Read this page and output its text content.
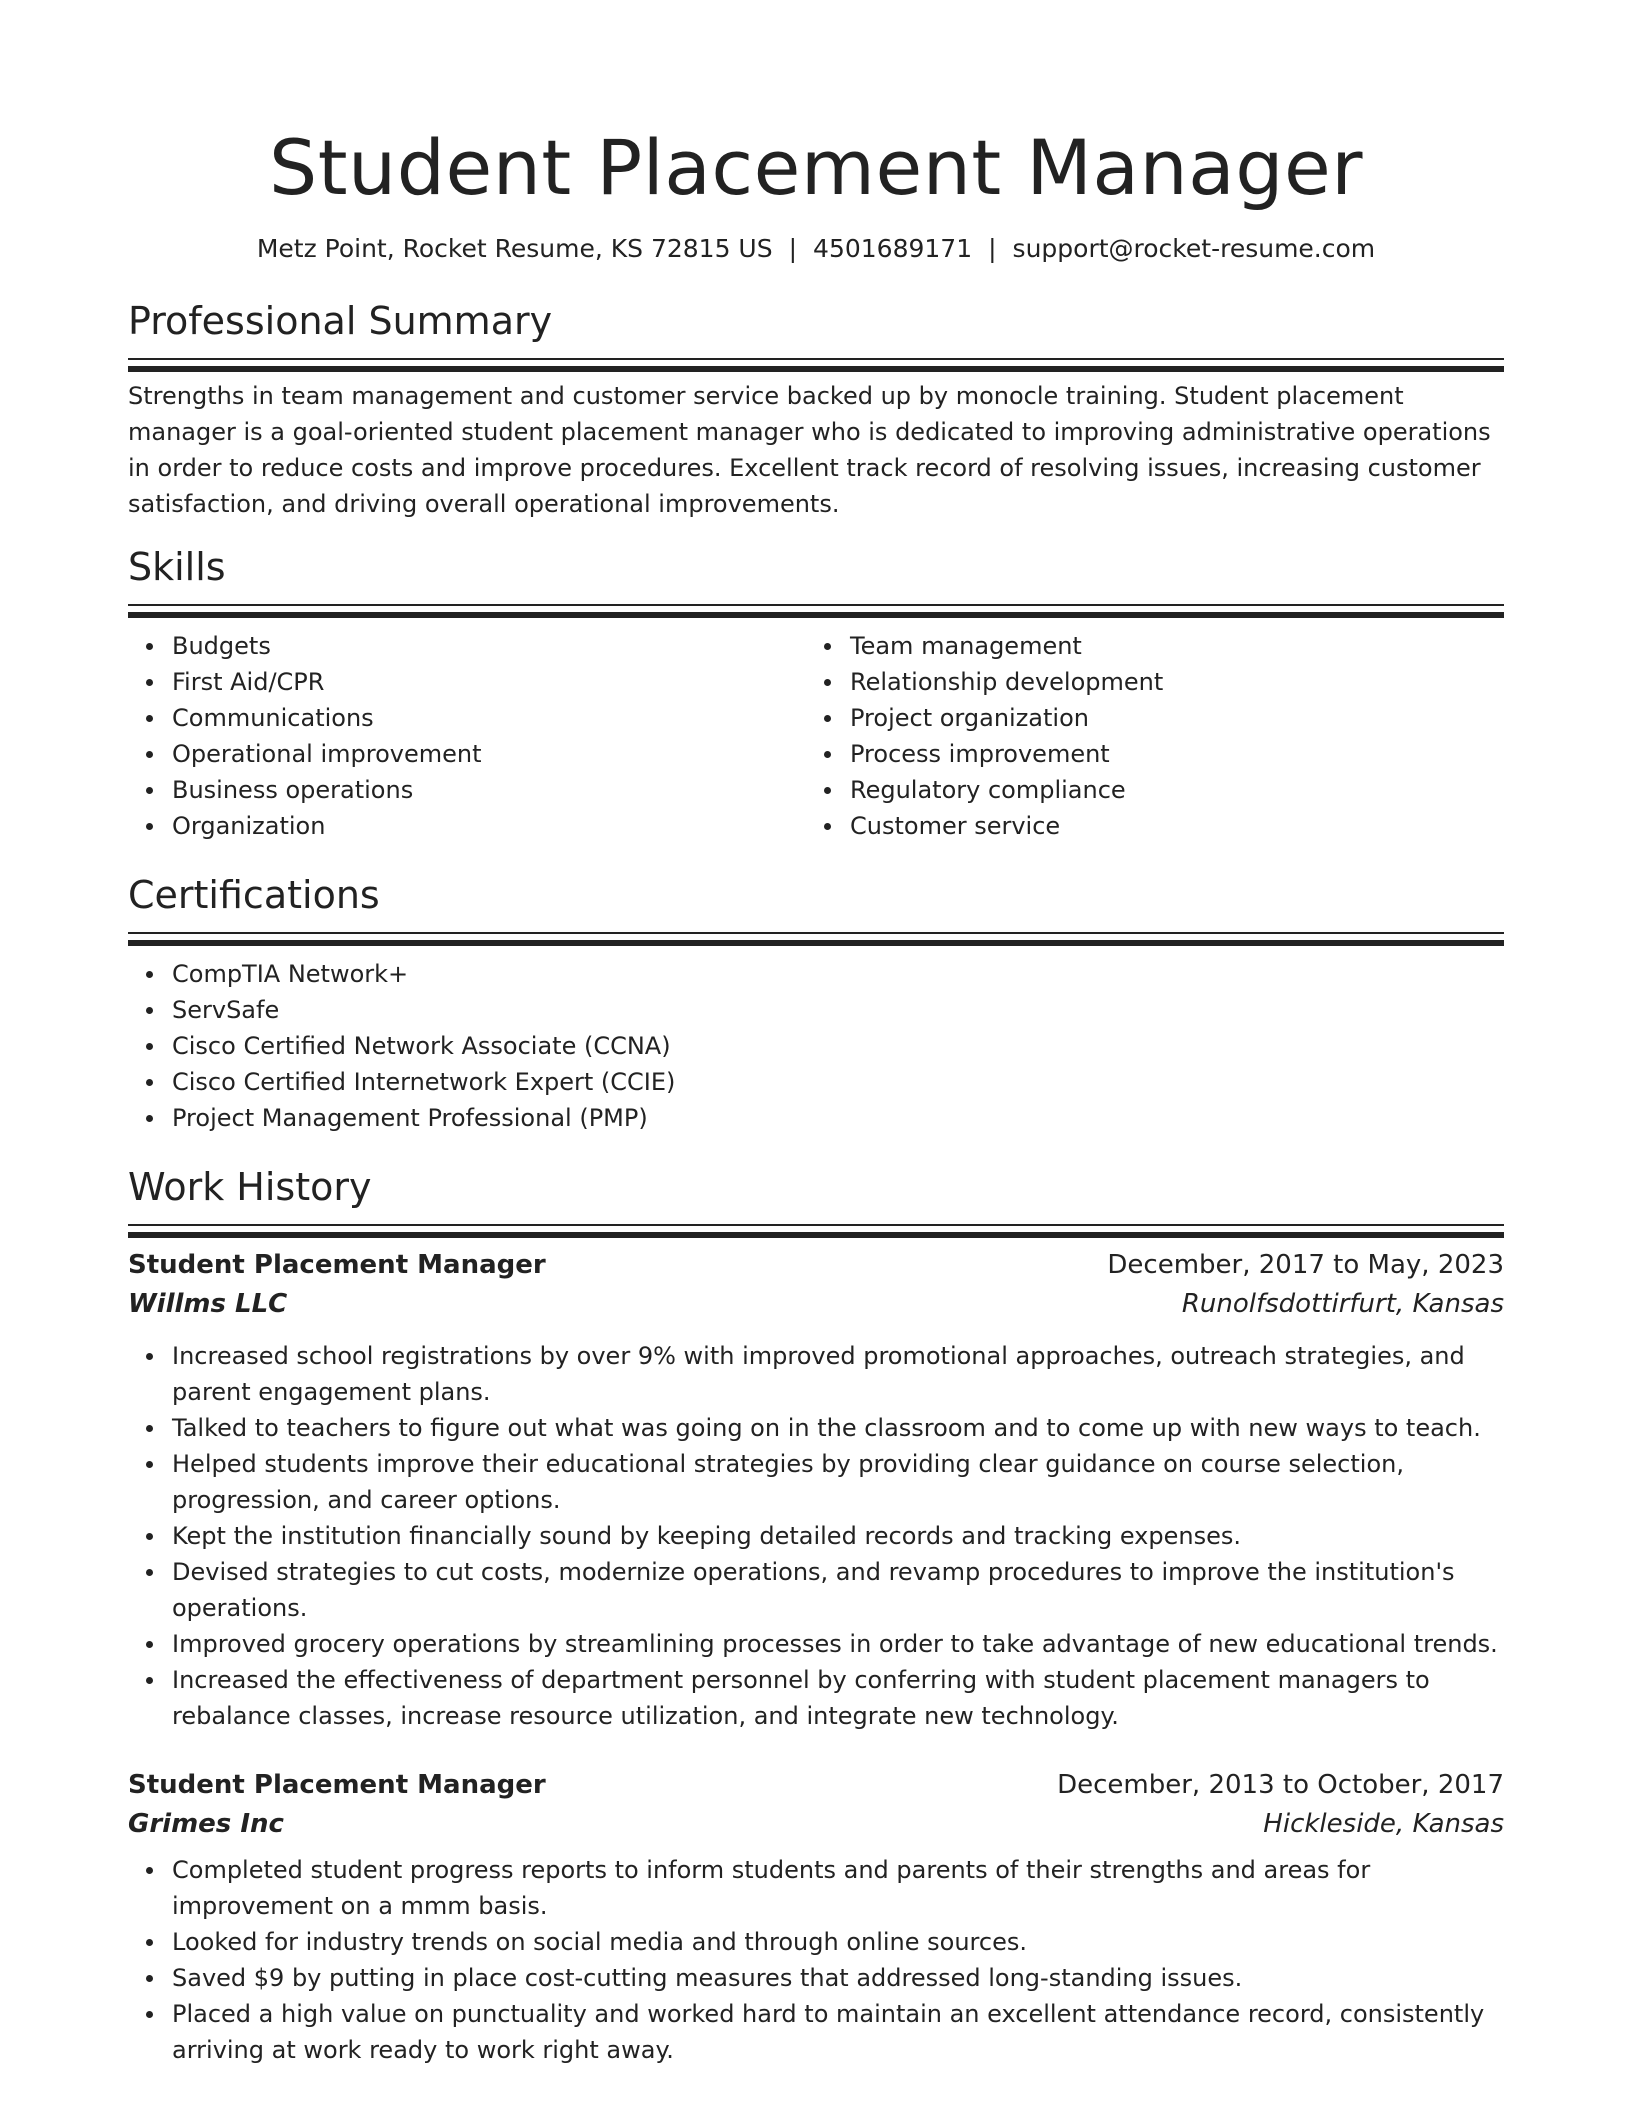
Student Placement Manager
Metz Point, Rocket Resume, KS 72815 US | 4501689171 | support@rocket-resume.com
Professional Summary

Strengths in team management and customer service backed up by monocle training. Student placement manager is a goal-oriented student placement manager who is dedicated to improving administrative operations in order to reduce costs and improve procedures. Excellent track record of resolving issues, increasing customer satisfaction, and driving overall operational improvements.

Skills
Budgets
First Aid/CPR
Communications
Operational improvement
Business operations
Organization
Team management
Relationship development
Project organization
Process improvement
Regulatory compliance
Customer service
Certifications
CompTIA Network+
ServSafe
Cisco Certified Network Associate (CCNA)
Cisco Certified Internetwork Expert (CCIE)
Project Management Professional (PMP)
Work History
Student Placement Manager	December, 2017 to May, 2023
Willms LLC	Runolfsdottirfurt, Kansas
Increased school registrations by over 9% with improved promotional approaches, outreach strategies, and parent engagement plans.
Talked to teachers to figure out what was going on in the classroom and to come up with new ways to teach.
Helped students improve their educational strategies by providing clear guidance on course selection, progression, and career options.
Kept the institution financially sound by keeping detailed records and tracking expenses.
Devised strategies to cut costs, modernize operations, and revamp procedures to improve the institution's operations.
Improved grocery operations by streamlining processes in order to take advantage of new educational trends.
Increased the effectiveness of department personnel by conferring with student placement managers to rebalance classes, increase resource utilization, and integrate new technology.
Student Placement Manager	December, 2013 to October, 2017
Grimes Inc	Hickleside, Kansas
Completed student progress reports to inform students and parents of their strengths and areas for improvement on a mmm basis.
Looked for industry trends on social media and through online sources.
Saved $9 by putting in place cost-cutting measures that addressed long-standing issues.
Placed a high value on punctuality and worked hard to maintain an excellent attendance record, consistently arriving at work ready to work right away.
